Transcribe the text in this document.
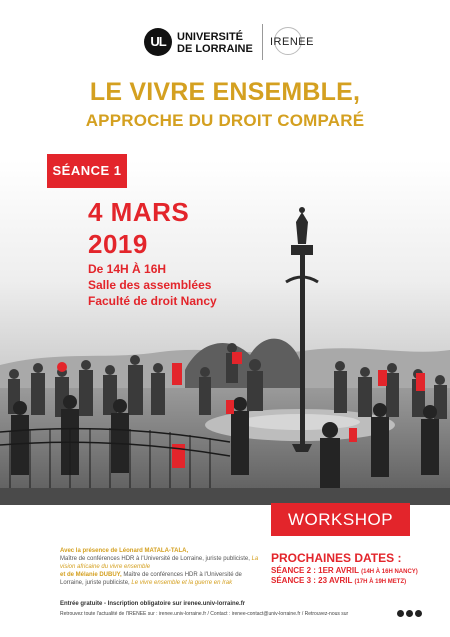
UL	UNIVERSITÉ
DE LORRAINE
IRENEE
LE VIVRE ENSEMBLE,
APPROCHE DU DROIT COMPARÉ
SÉANCE 1
4 MARS
2019
De 14H À 16H
Salle des assemblées
Faculté de droit Nancy
WORKSHOP
Avec la présence de Léonard MATALA-TALA,
Maître de conférences HDR à l'Université de Lorraine, juriste publiciste, La vision africaine du vivre ensemble
et de Mélanie DUBUY, Maître de conférences HDR à l'Université de Lorraine, juriste publiciste, Le vivre ensemble et la guerre en Irak
PROCHAINES DATES :
SÉANCE 2 : 1ER AVRIL (14H À 16H NANCY)
SÉANCE 3 : 23 AVRIL (17H À 19H METZ)
Entrée gratuite - Inscription obligatoire sur irenee.univ-lorraine.fr
Retrouvez toute l'actualité de l'IRENEE sur : irenee.univ-lorraine.fr / Contact : irenee-contact@univ-lorraine.fr / Retrouvez-nous sur
